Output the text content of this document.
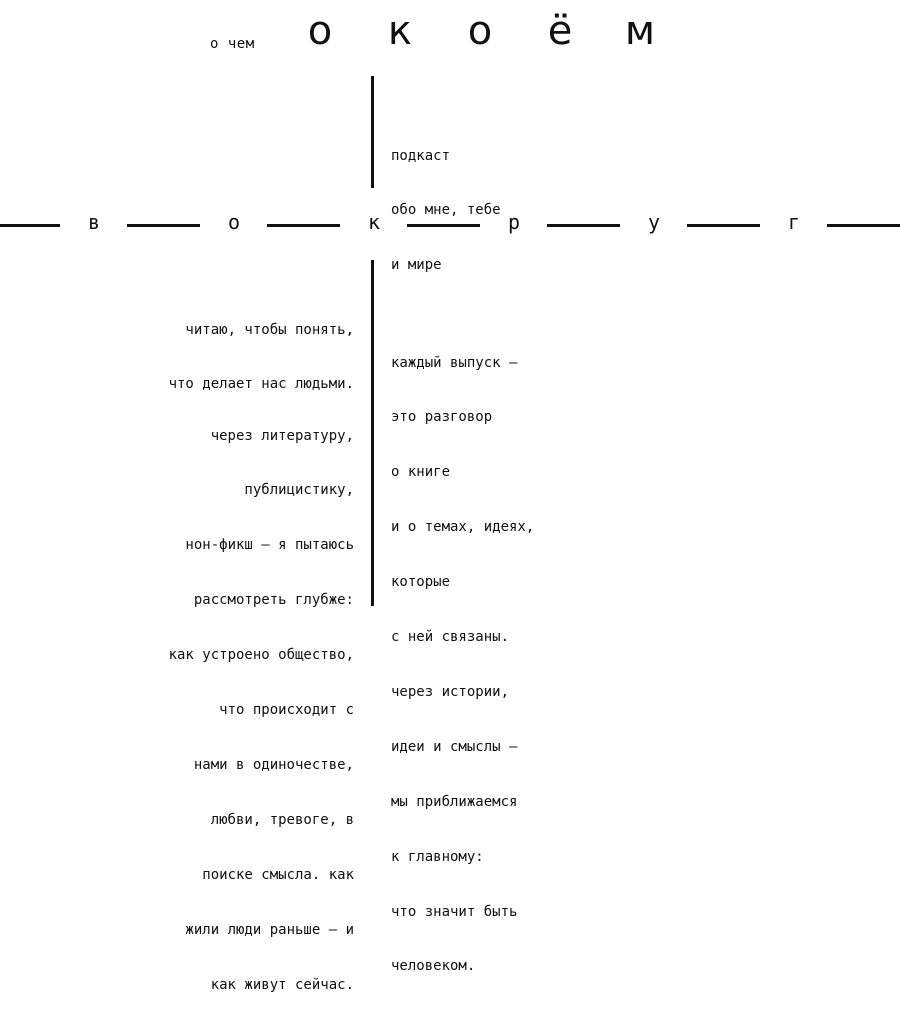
о чем	о	к	о	ё	м

подкаст

обо мне, тебе

и мире

в	о	к	р	у	г

читаю, чтобы понять,

что делает нас людьми.

через литературу,

публицистику,

нон-фикш – я пытаюсь

рассмотреть глубже:

как устроено общество,

что происходит с

нами в одиночестве,

любви, тревоге, в

поиске смысла. как

жили люди раньше – и

как живут сейчас.

каждый выпуск –

это разговор

о книге

и о темах, идеях,

которые

с ней связаны.

через истории,

идеи и смыслы –

мы приближаемся

к главному:

что значит быть

человеком.
